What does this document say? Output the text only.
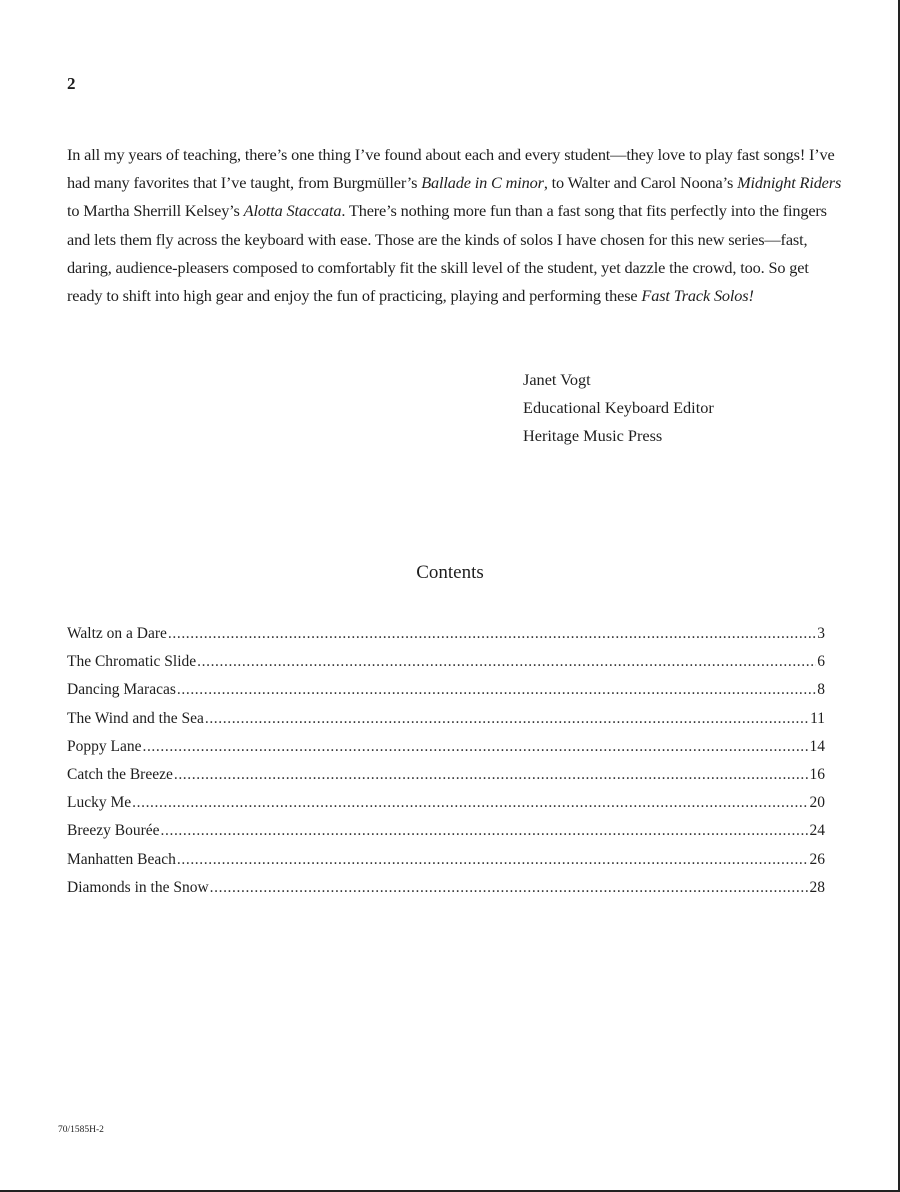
2

In all my years of teaching, there’s one thing I’ve found about each and every student—they love to play fast songs! I’ve had many favorites that I’ve taught, from Burgmüller’s Ballade in C minor, to Walter and Carol Noona’s Midnight Riders to Martha Sherrill Kelsey’s Alotta Staccata. There’s nothing more fun than a fast song that fits perfectly into the fingers and lets them fly across the keyboard with ease. Those are the kinds of solos I have chosen for this new series—fast, daring, audience-pleasers composed to comfortably fit the skill level of the student, yet dazzle the crowd, too. So get ready to shift into high gear and enjoy the fun of practicing, playing and performing these Fast Track Solos!

Janet Vogt
Educational Keyboard Editor
Heritage Music Press
Contents
Waltz on a Dare .....	3
The Chromatic Slide .....	6
Dancing Maracas .....	8
The Wind and the Sea .....	11
Poppy Lane .....	14
Catch the Breeze .....	16
Lucky Me .....	20
Breezy Bourée .....	24
Manhatten Beach .....	26
Diamonds in the Snow .....	28
70/1585H-2
